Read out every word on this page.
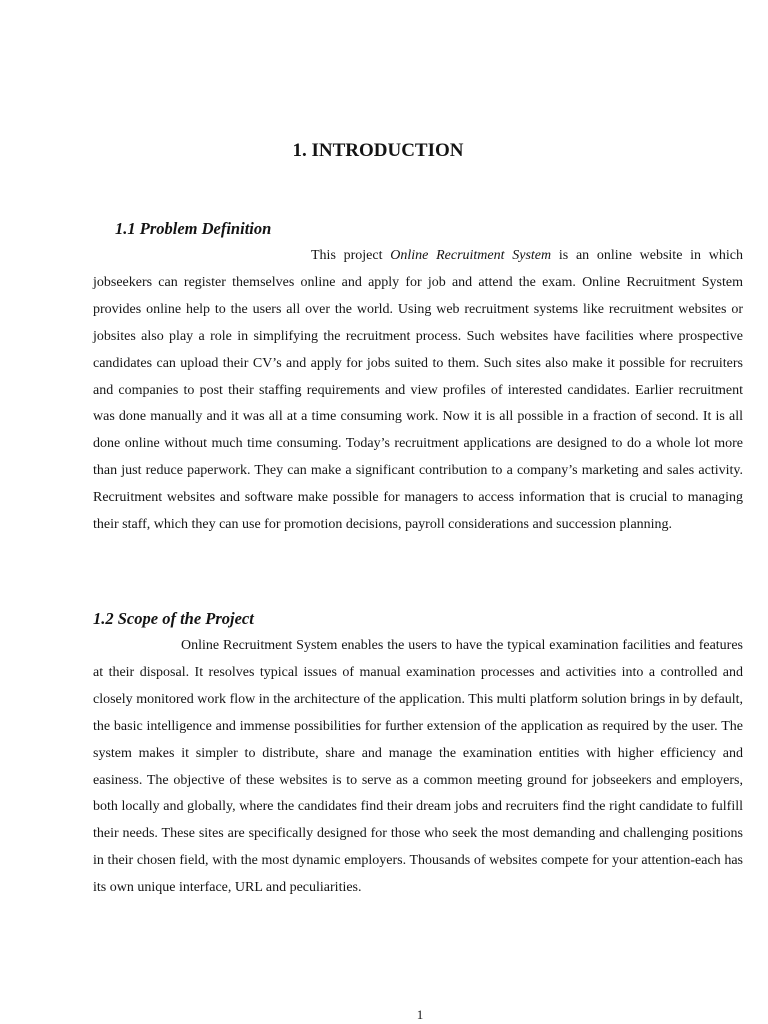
1. INTRODUCTION
1.1 Problem Definition

This project Online Recruitment System is an online website in which jobseekers can register themselves online and apply for job and attend the exam. Online Recruitment System provides online help to the users all over the world. Using web recruitment systems like recruitment websites or jobsites also play a role in simplifying the recruitment process. Such websites have facilities where prospective candidates can upload their CV’s and apply for jobs suited to them. Such sites also make it possible for recruiters and companies to post their staffing requirements and view profiles of interested candidates. Earlier recruitment was done manually and it was all at a time consuming work. Now it is all possible in a fraction of second. It is all done online without much time consuming. Today’s recruitment applications are designed to do a whole lot more than just reduce paperwork. They can make a significant contribution to a company’s marketing and sales activity. Recruitment websites and software make possible for managers to access information that is crucial to managing their staff, which they can use for promotion decisions, payroll considerations and succession planning.

1.2 Scope of the Project

Online Recruitment System enables the users to have the typical examination facilities and features at their disposal. It resolves typical issues of manual examination processes and activities into a controlled and closely monitored work flow in the architecture of the application. This multi platform solution brings in by default, the basic intelligence and immense possibilities for further extension of the application as required by the user. The system makes it simpler to distribute, share and manage the examination entities with higher efficiency and easiness. The objective of these websites is to serve as a common meeting ground for jobseekers and employers, both locally and globally, where the candidates find their dream jobs and recruiters find the right candidate to fulfill their needs. These sites are specifically designed for those who seek the most demanding and challenging positions in their chosen field, with the most dynamic employers. Thousands of websites compete for your attention-each has its own unique interface, URL and peculiarities.

1
